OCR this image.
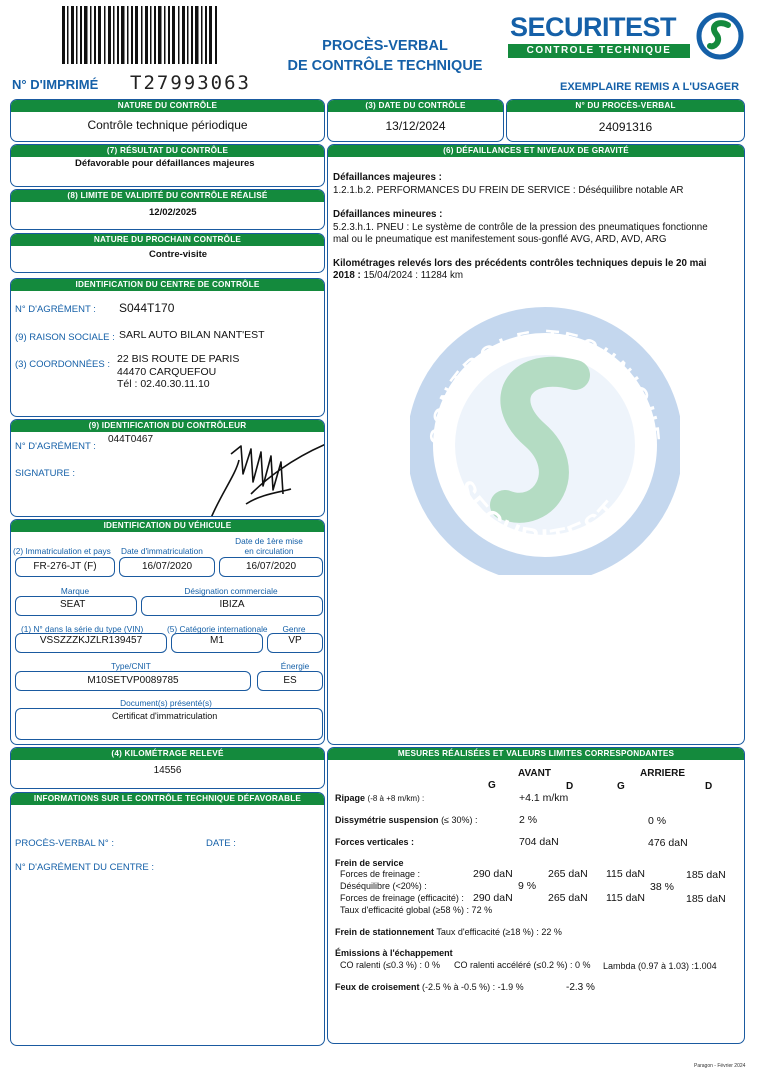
N° D'IMPRIMÉ T27993063
PROCÈS-VERBAL
DE CONTRÔLE TECHNIQUE
SECURITEST
CONTROLE TECHNIQUE
EXEMPLAIRE REMIS A L'USAGER
NATURE DU CONTRÔLE
Contrôle technique périodique
(3) DATE DU CONTRÔLE
13/12/2024
N° DU PROCÈS-VERBAL
24091316
(7) RÉSULTAT DU CONTRÔLE
Défavorable pour défaillances majeures
(8) LIMITE DE VALIDITÉ DU CONTRÔLE RÉALISÉ
12/02/2025
NATURE DU PROCHAIN CONTRÔLE
Contre-visite
IDENTIFICATION DU CENTRE DE CONTRÔLE
N° D'AGRÉMENT : S044T170
(9) RAISON SOCIALE : SARL AUTO BILAN NANT'EST
(3) COORDONNÉES : 22 BIS ROUTE DE PARIS
44470 CARQUEFOU
Tél : 02.40.30.11.10
(9) IDENTIFICATION DU CONTRÔLEUR
N° D'AGRÉMENT :
044T0467
SIGNATURE :
IDENTIFICATION DU VÉHICULE
(2) Immatriculation et pays Date d'immatriculation
Date de 1ère mise
en circulation
FR-276-JT (F)	16/07/2020	16/07/2020
Marque	Désignation commerciale
SEAT	IBIZA
(1) N° dans la série du type (VIN)	(5) Catégorie internationale	Genre
VSSZZZKJZLR139457	M1	VP
Type/CNIT	Énergie
M10SETVP0089785	ES
Document(s) présenté(s)
Certificat d'immatriculation
(4) KILOMÉTRAGE RELEVÉ
14556
INFORMATIONS SUR LE CONTRÔLE TECHNIQUE DÉFAVORABLE
PROCÈS-VERBAL N° :	DATE :
N° D'AGRÉMENT DU CENTRE :
(6) DÉFAILLANCES ET NIVEAUX DE GRAVITÉ
CONTROLE TECHNIQUE
SECURITEST
Défaillances majeures :
1.2.1.b.2. PERFORMANCES DU FREIN DE SERVICE : Déséquilibre notable AR
Défaillances mineures :
5.2.3.h.1. PNEU : Le système de contrôle de la pression des pneumatiques fonctionne
mal ou le pneumatique est manifestement sous-gonflé AVG, ARD, AVD, ARG
Kilométrages relevés lors des précédents contrôles techniques depuis le 20 mai
2018 : 15/04/2024 : 11284 km
MESURES RÉALISÉES ET VALEURS LIMITES CORRESPONDANTES
AVANT	ARRIERE
G	D	G	D
Ripage (-8 à +8 m/km) :	+4.1 m/km
Dissymétrie suspension (≤ 30%) :	2 %	0 %
Forces verticales :	704 daN	476 daN
Frein de service
Forces de freinage :	290 daN	265 daN 115 daN	185 daN
Déséquilibre (<20%) :	9 %	38 %
Forces de freinage (efficacité) : 290 daN	265 daN 115 daN	185 daN
Taux d'efficacité global (≥58 %) : 72 %
Frein de stationnement Taux d'efficacité (≥18 %) : 22 %
Émissions à l'échappement
CO ralenti (≤0.3 %) : 0 % CO ralenti accéléré (≤0.2 %) : 0 % Lambda (0.97 à 1.03) :1.004
Feux de croisement (-2.5 % à -0.5 %) : -1.9 %	-2.3 %
Paragon - Février 2024
